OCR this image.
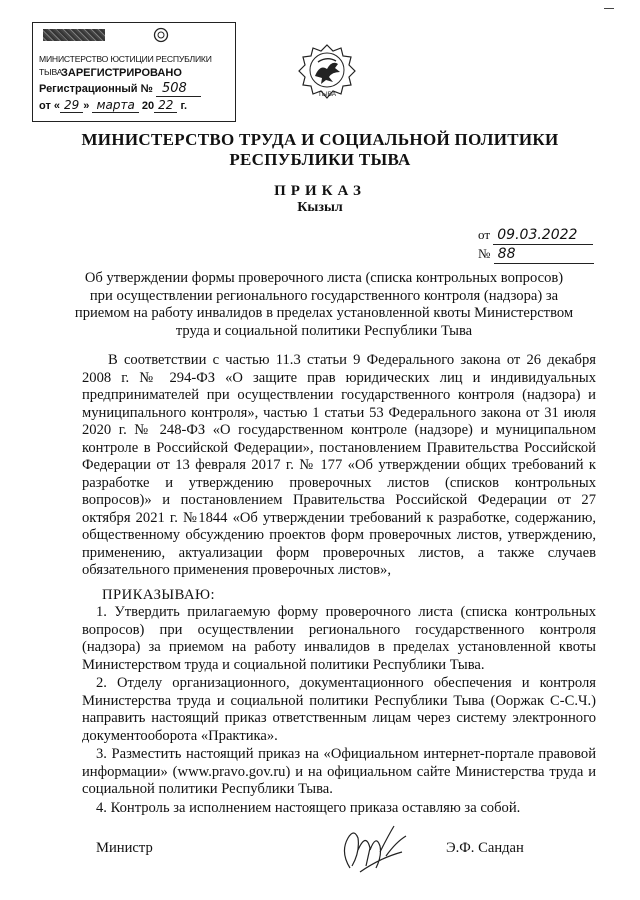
МИНИСТЕРСТВО ЮСТИЦИИ РЕСПУБЛИКИ ТЫВА
ЗАРЕГИСТРИРОВАНО
Регистрационный № 508
от « 29 » марта 20 22 г.
ТЫВА
МИНИСТЕРСТВО ТРУДА И СОЦИАЛЬНОЙ ПОЛИТИКИ
РЕСПУБЛИКИ ТЫВА
ПРИКАЗ
Кызыл
от 09.03.2022
№ 88
Об утверждении формы проверочного листа (списка контрольных вопросов) при осуществлении регионального государственного контроля (надзора) за приемом на работу инвалидов в пределах установленной квоты Министерством труда и социальной политики Республики Тыва

В соответствии с частью 11.3 статьи 9 Федерального закона от 26 декабря 2008 г. № 294-ФЗ «О защите прав юридических лиц и индивидуальных предпринимателей при осуществлении государственного контроля (надзора) и муниципального контроля», частью 1 статьи 53 Федерального закона от 31 июля 2020 г. № 248-ФЗ «О государственном контроле (надзоре) и муниципальном контроле в Российской Федерации», постановлением Правительства Российской Федерации от 13 февраля 2017 г. № 177 «Об утверждении общих требований к разработке и утверждению проверочных листов (списков контрольных вопросов)» и постановлением Правительства Российской Федерации от 27 октября 2021 г. №1844 «Об утверждении требований к разработке, содержанию, общественному обсуждению проектов форм проверочных листов, утверждению, применению, актуализации форм проверочных листов, а также случаев обязательного применения проверочных листов»,

ПРИКАЗЫВАЮ:

1. Утвердить прилагаемую форму проверочного листа (списка контрольных вопросов) при осуществлении регионального государственного контроля (надзора) за приемом на работу инвалидов в пределах установленной квоты Министерством труда и социальной политики Республики Тыва.

2. Отделу организационного, документационного обеспечения и контроля Министерства труда и социальной политики Республики Тыва (Ооржак С-С.Ч.) направить настоящий приказ ответственным лицам через систему электронного документооборота «Практика».

3. Разместить настоящий приказ на «Официальном интернет-портале правовой информации» (www.pravo.gov.ru) и на официальном сайте Министерства труда и социальной политики Республики Тыва.

4. Контроль за исполнением настоящего приказа оставляю за собой.

Министр	Э.Ф. Сандан
